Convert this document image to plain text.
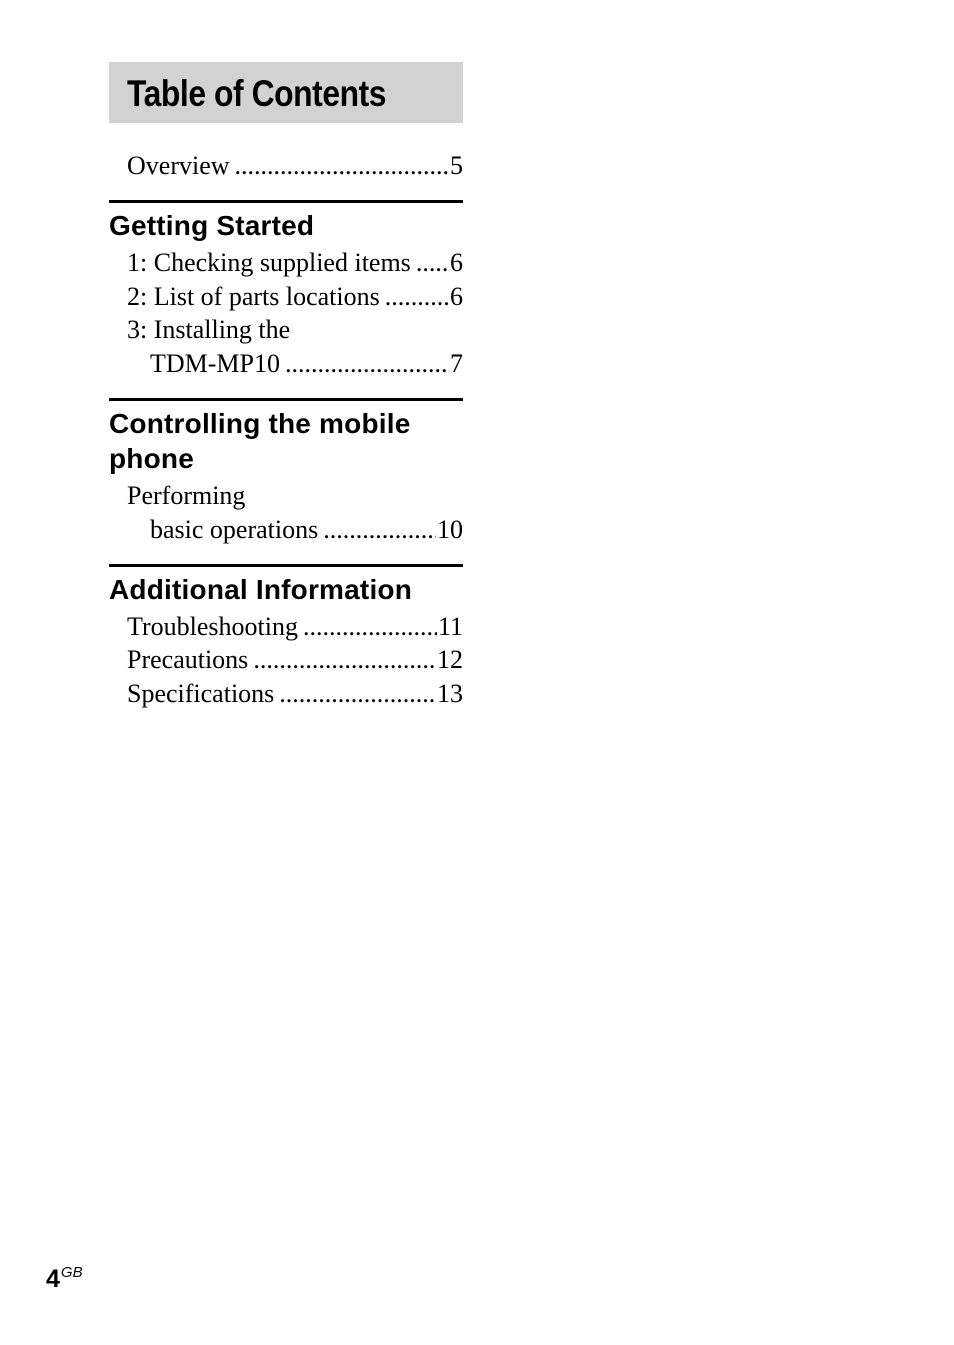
Table of Contents
Overview .....	5
Getting Started
1: Checking supplied items ..... 6
2: List of parts locations .....	6
3: Installing the
TDM-MP10 .....	7
Controlling the mobile phone
Performing
basic operations .....	10
Additional Information
Troubleshooting .....	11
Precautions .....	12
Specifications .....	13
4GB
